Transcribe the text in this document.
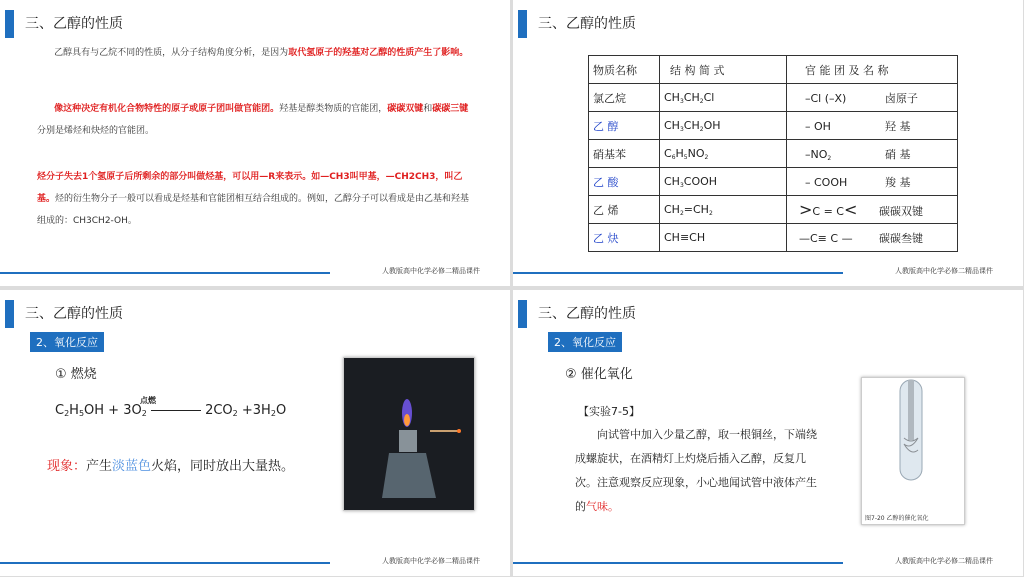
三、乙醇的性质
乙醇具有与乙烷不同的性质，从分子结构角度分析，是因为取代氢原子的羟基对乙醇的性质产生了影响。
像这种决定有机化合物特性的原子或原子团叫做官能团。羟基是醇类物质的官能团，碳碳双键和碳碳三键分别是烯烃和炔烃的官能团。
烃分子失去1个氢原子后所剩余的部分叫做烃基，可以用—R来表示。如—CH3叫甲基，—CH2CH3，叫乙基。烃的衍生物分子一般可以看成是烃基和官能团相互结合组成的。例如，乙醇分子可以看成是由乙基和羟基组成的：CH3CH2-OH。
人教版高中化学必修二精品课件
三、乙醇的性质
物质名称	结 构 简 式	官 能 团 及 名 称
氯乙烷	$CH_3CH_2Cl$	–Cl (–X) 卤原子
乙 醇	$CH_3CH_2OH$	– OH 羟 基
硝基苯	$C_6H_5NO_2$	$-NO_2$ 硝 基
乙 酸	$CH_3COOH$	– COOH 羧 基
乙 烯	$CH_2=CH_2$	>C = C< 碳碳双键
乙 炔	CH≡CH	—C≡ C — 碳碳叁键
人教版高中化学必修二精品课件
三、乙醇的性质
2、氧化反应
① 燃烧
点燃
$C_2H_5OH + 3O_2$	$2CO_2 +3H_2O$
现象：产生淡蓝色火焰，同时放出大量热。
人教版高中化学必修二精品课件
三、乙醇的性质
2、氧化反应
② 催化氧化
【实验7-5】
向试管中加入少量乙醇，取一根铜丝，下端绕成螺旋状，在酒精灯上灼烧后插入乙醇，反复几次。注意观察反应现象，小心地闻试管中液体产生的气味。
图7-20 乙醇的催化氧化
人教版高中化学必修二精品课件
